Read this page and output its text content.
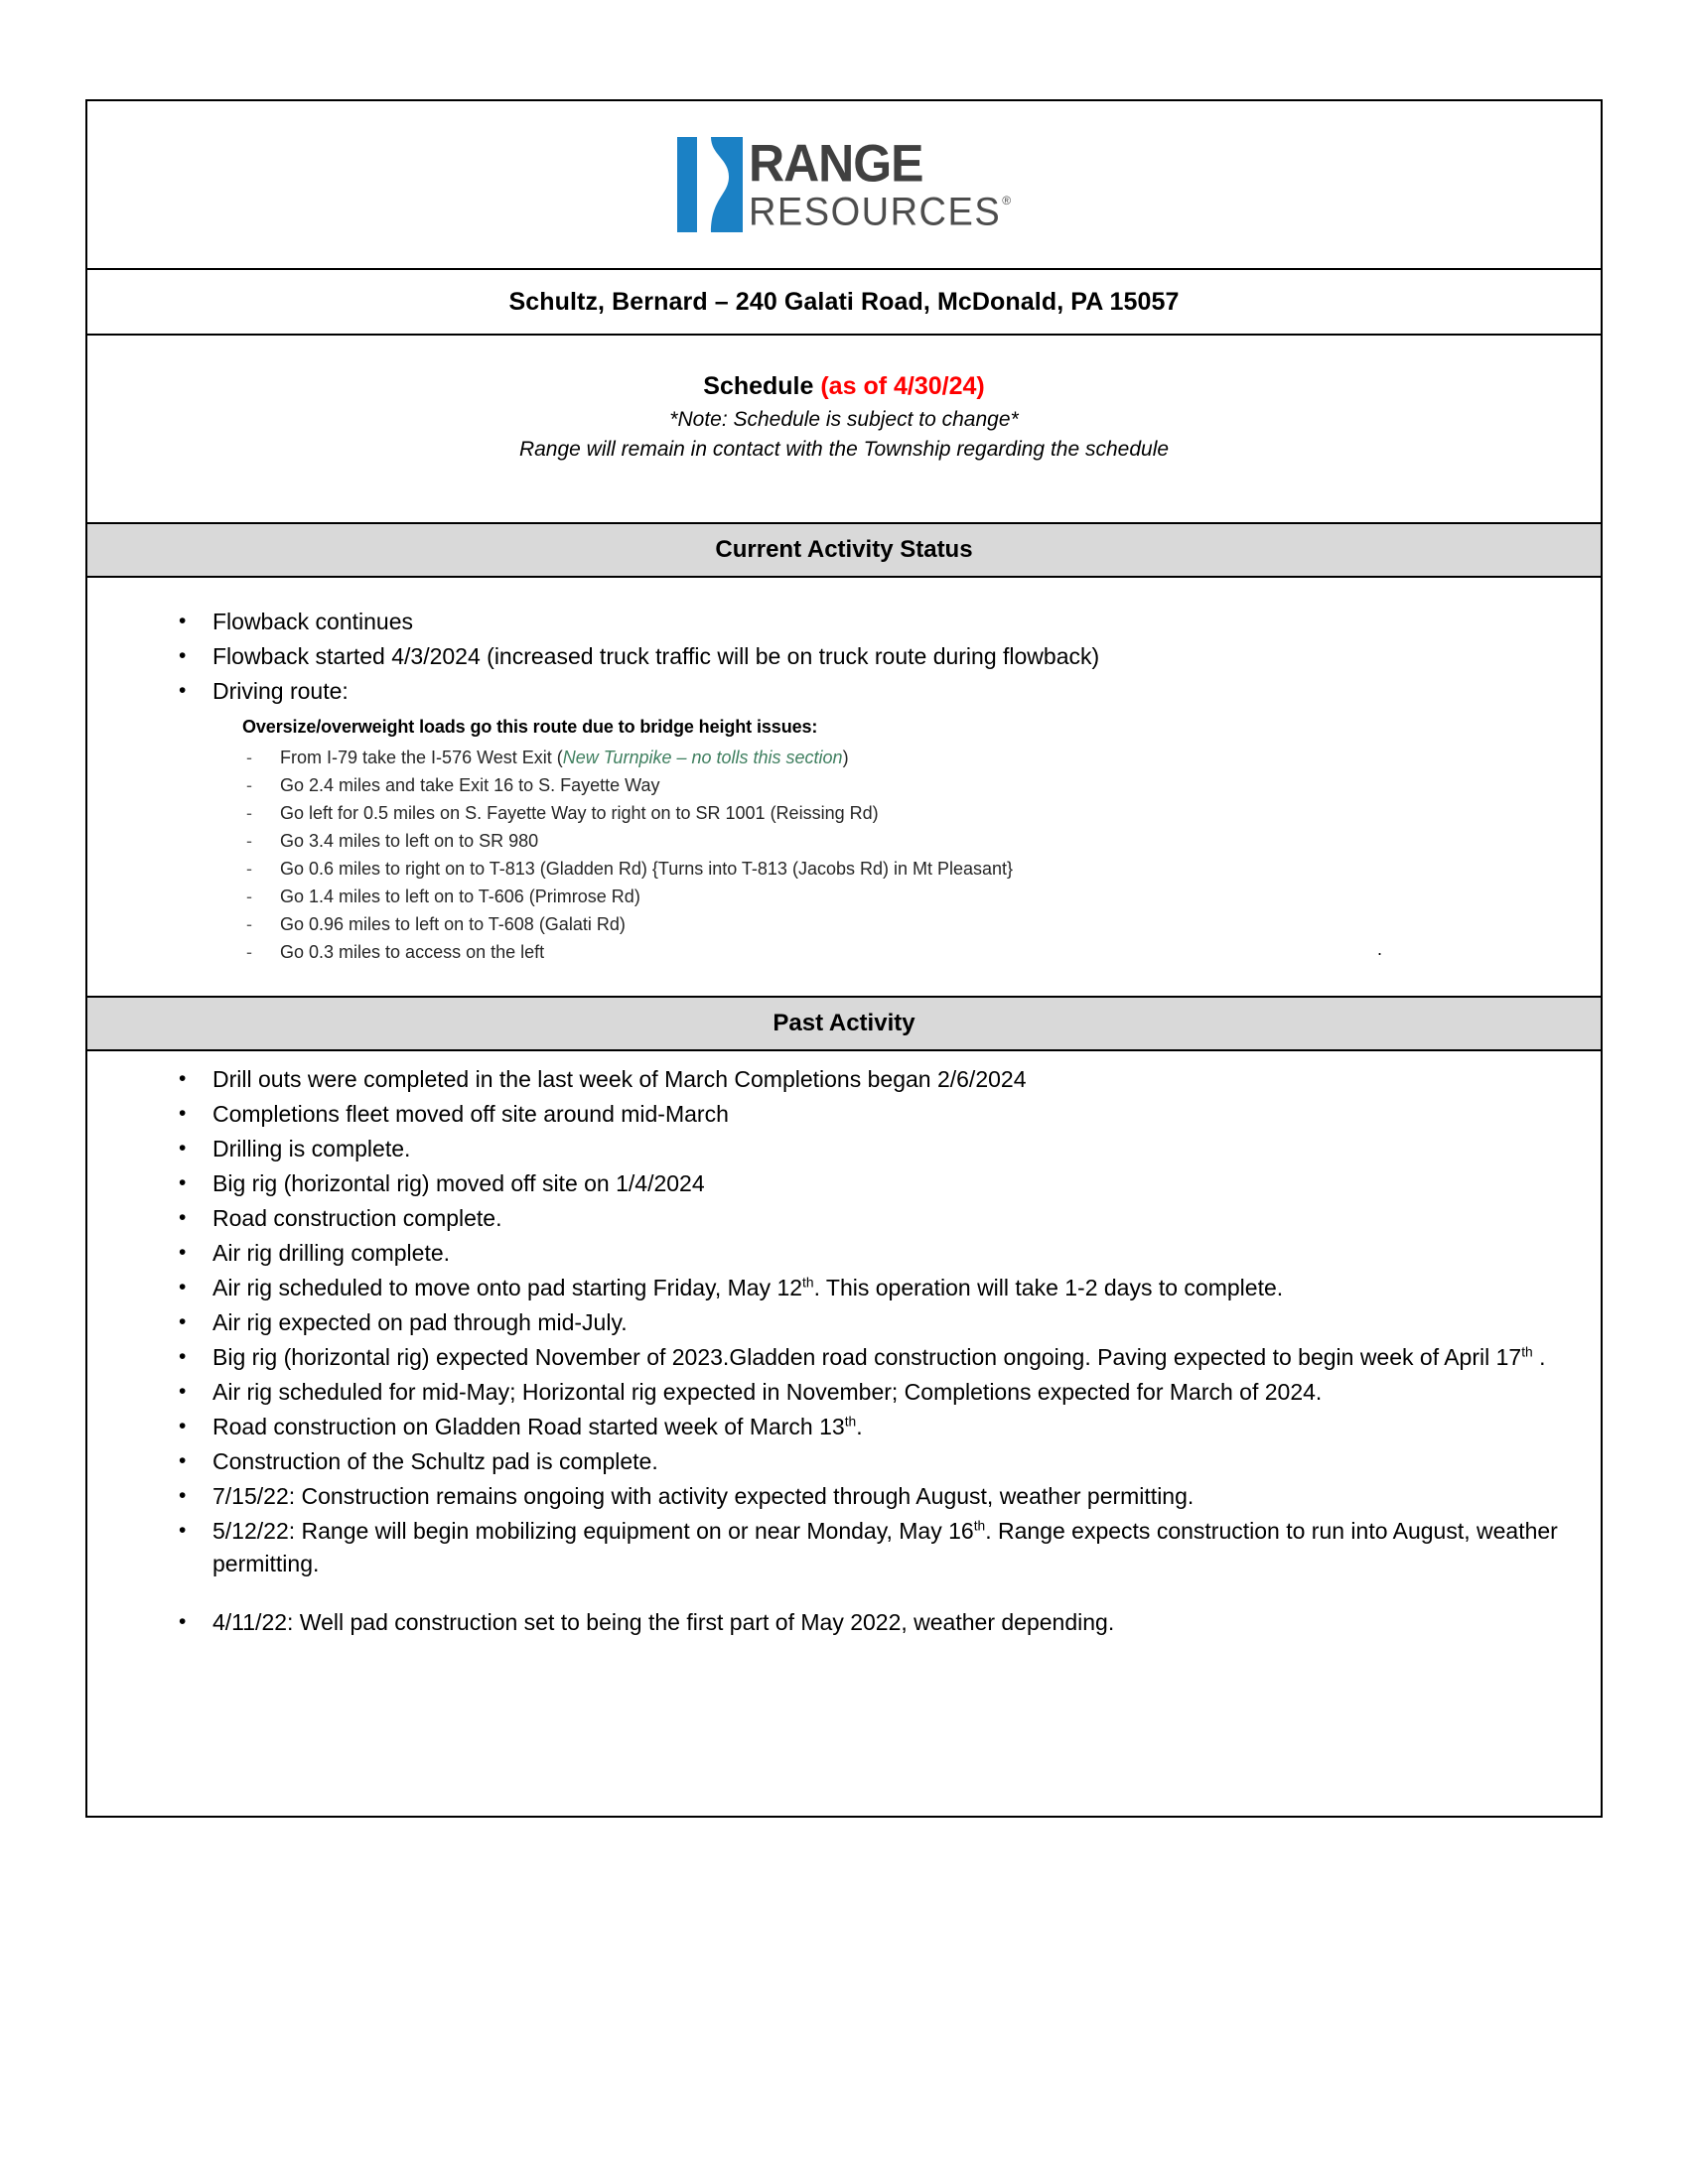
RANGE
RESOURCES ®
Schultz, Bernard – 240 Galati Road, McDonald, PA 15057
Schedule (as of 4/30/24)
*Note: Schedule is subject to change*
Range will remain in contact with the Township regarding the schedule
Current Activity Status
• Flowback continues
• Flowback started 4/3/2024 (increased truck traffic will be on truck route during flowback)
• Driving route:
Oversize/overweight loads go this route due to bridge height issues:
- From I-79 take the I-576 West Exit (New Turnpike – no tolls this section)
- Go 2.4 miles and take Exit 16 to S. Fayette Way
- Go left for 0.5 miles on S. Fayette Way to right on to SR 1001 (Reissing Rd)
- Go 3.4 miles to left on to SR 980
- Go 0.6 miles to right on to T-813 (Gladden Rd) {Turns into T-813 (Jacobs Rd) in Mt Pleasant}
- Go 1.4 miles to left on to T-606 (Primrose Rd)
- Go 0.96 miles to left on to T-608 (Galati Rd)
- Go 0.3 miles to access on the left	.
Past Activity
• Drill outs were completed in the last week of March Completions began 2/6/2024
• Completions fleet moved off site around mid-March
• Drilling is complete.
• Big rig (horizontal rig) moved off site on 1/4/2024
• Road construction complete.
• Air rig drilling complete.
• Air rig scheduled to move onto pad starting Friday, May 12th. This operation will take 1-2 days to complete.
• Air rig expected on pad through mid-July.
• Big rig (horizontal rig) expected November of 2023.Gladden road construction ongoing. Paving expected to begin week of April 17th .
• Air rig scheduled for mid-May; Horizontal rig expected in November; Completions expected for March of 2024.
• Road construction on Gladden Road started week of March 13th.
• Construction of the Schultz pad is complete.
• 7/15/22: Construction remains ongoing with activity expected through August, weather permitting.
• 5/12/22: Range will begin mobilizing equipment on or near Monday, May 16th. Range expects construction to run into August, weather permitting.
• 4/11/22: Well pad construction set to being the first part of May 2022, weather depending.
